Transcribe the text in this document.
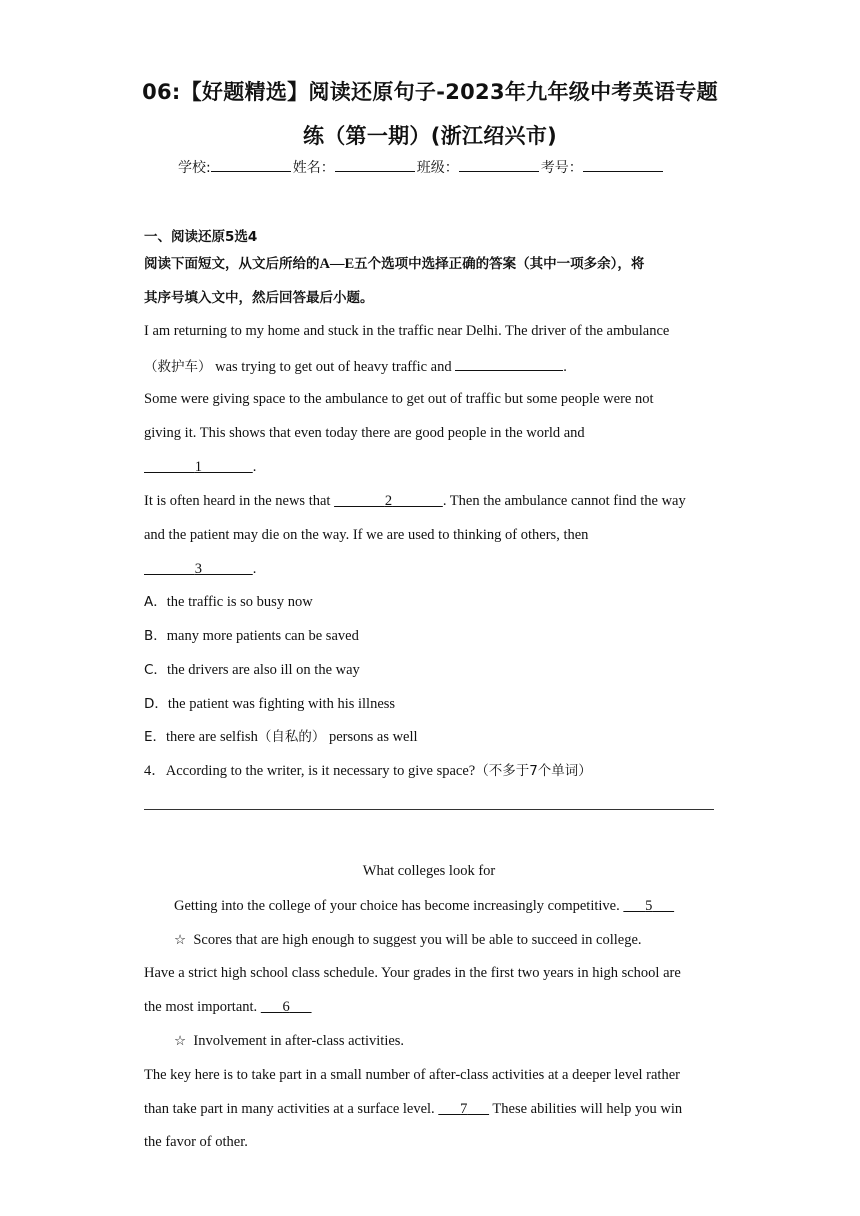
06:【好题精选】阅读还原句子-2023年九年级中考英语专题
练（第一期）(浙江绍兴市)
学校:	姓名：	班级：	考号：
一、阅读还原5选4
阅读下面短文，从文后所给的A—E五个选项中选择正确的答案（其中一项多余），将
其序号填入文中，然后回答最后小题。
I am returning to my home and stuck in the traffic near Delhi. The driver of the ambulance
（救护车） was trying to get out of heavy traffic and	.
Some were giving space to the ambulance to get out of traffic but some people were not
giving it. This shows that even today there are good people in the world and
1	.
It is often heard in the news that	2	. Then the ambulance cannot find the way
and the patient may die on the way. If we are used to thinking of others, then
3	.
A．the traffic is so busy now
B．many more patients can be saved
C．the drivers are also ill on the way
D．the patient was fighting with his illness
E．there are selfish（自私的） persons as well
4．According to the writer, is it necessary to give space?（不多于7个单词）
What colleges look for
Getting into the college of your choice has become increasingly competitive.       5
☆ Scores that are high enough to suggest you will be able to succeed in college.
Have a strict high school class schedule. Your grades in the first two years in high school are
the most important.       6
☆ Involvement in after-class activities.
The key here is to take part in a small number of after-class activities at a deeper level rather
than take part in many activities at a surface level.       7       These abilities will help you win
the favor of other.
